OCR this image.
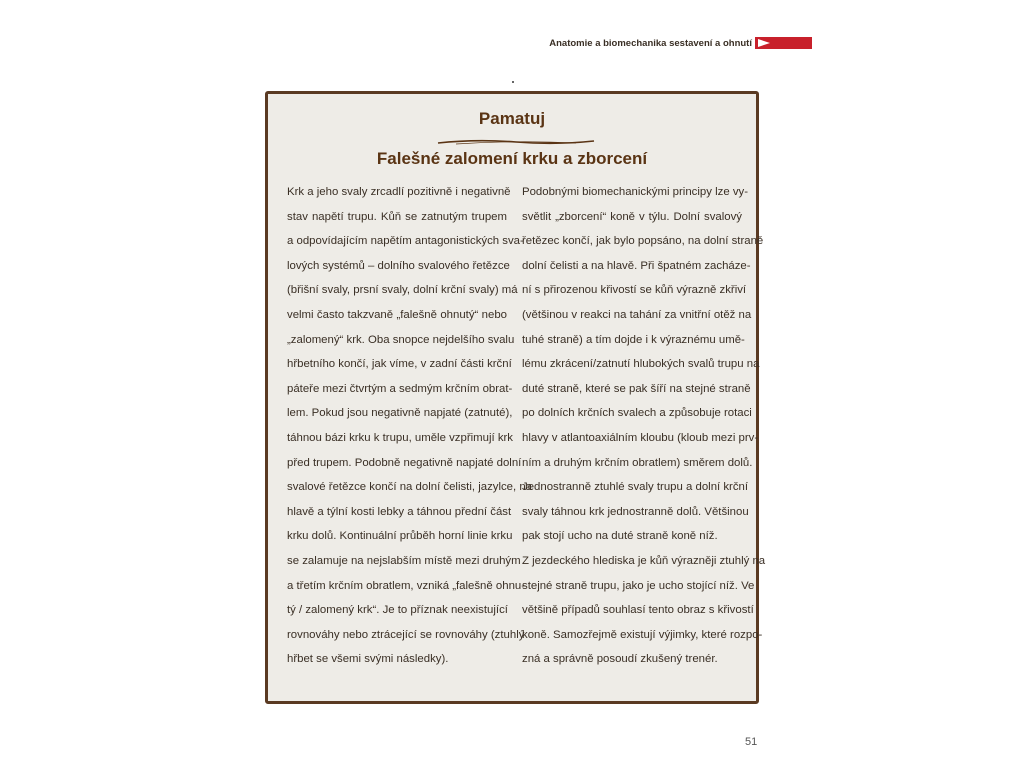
Anatomie a biomechanika sestavení a ohnutí
Pamatuj
Falešné zalomení krku a zborcení
Krk a jeho svaly zrcadlí pozitivně i negativně
stav napětí trupu. Kůň se zatnutým trupem
a odpovídajícím napětím antagonistických sva-
lových systémů – dolního svalového řetězce
(břišní svaly, prsní svaly, dolní krční svaly) má
velmi často takzvaně „falešně ohnutý“ nebo
„zalomený“ krk. Oba snopce nejdelšího svalu
hřbetního končí, jak víme, v zadní části krční
páteře mezi čtvrtým a sedmým krčním obrat-
lem. Pokud jsou negativně napjaté (zatnuté),
táhnou bázi krku k trupu, uměle vzpřimují krk
před trupem. Podobně negativně napjaté dolní
svalové řetězce končí na dolní čelisti, jazylce, na
hlavě a týlní kosti lebky a táhnou přední část
krku dolů. Kontinuální průběh horní linie krku
se zalamuje na nejslabším místě mezi druhým
a třetím krčním obratlem, vzniká „falešně ohnu-
tý / zalomený krk“. Je to příznak neexistující
rovnováhy nebo ztrácející se rovnováhy (ztuhlý
hřbet se všemi svými následky).
Podobnými biomechanickými principy lze vy-
světlit „zborcení“ koně v týlu. Dolní svalový
řetězec končí, jak bylo popsáno, na dolní straně
dolní čelisti a na hlavě. Při špatném zacháze-
ní s přirozenou křivostí se kůň výrazně zkřiví
(většinou v reakci na tahání za vnitřní otěž na
tuhé straně) a tím dojde i k výraznému umě-
lému zkrácení/zatnutí hlubokých svalů trupu na
duté straně, které se pak šíří na stejné straně
po dolních krčních svalech a způsobuje rotaci
hlavy v atlantoaxiálním kloubu (kloub mezi prv-
ním a druhým krčním obratlem) směrem dolů.
Jednostranně ztuhlé svaly trupu a dolní krční
svaly táhnou krk jednostranně dolů. Většinou
pak stojí ucho na duté straně koně níž.
Z jezdeckého hlediska je kůň výrazněji ztuhlý na
stejné straně trupu, jako je ucho stojící níž. Ve
většině případů souhlasí tento obraz s křivostí
koně. Samozřejmě existují výjimky, které rozpo-
zná a správně posoudí zkušený trenér.
51
